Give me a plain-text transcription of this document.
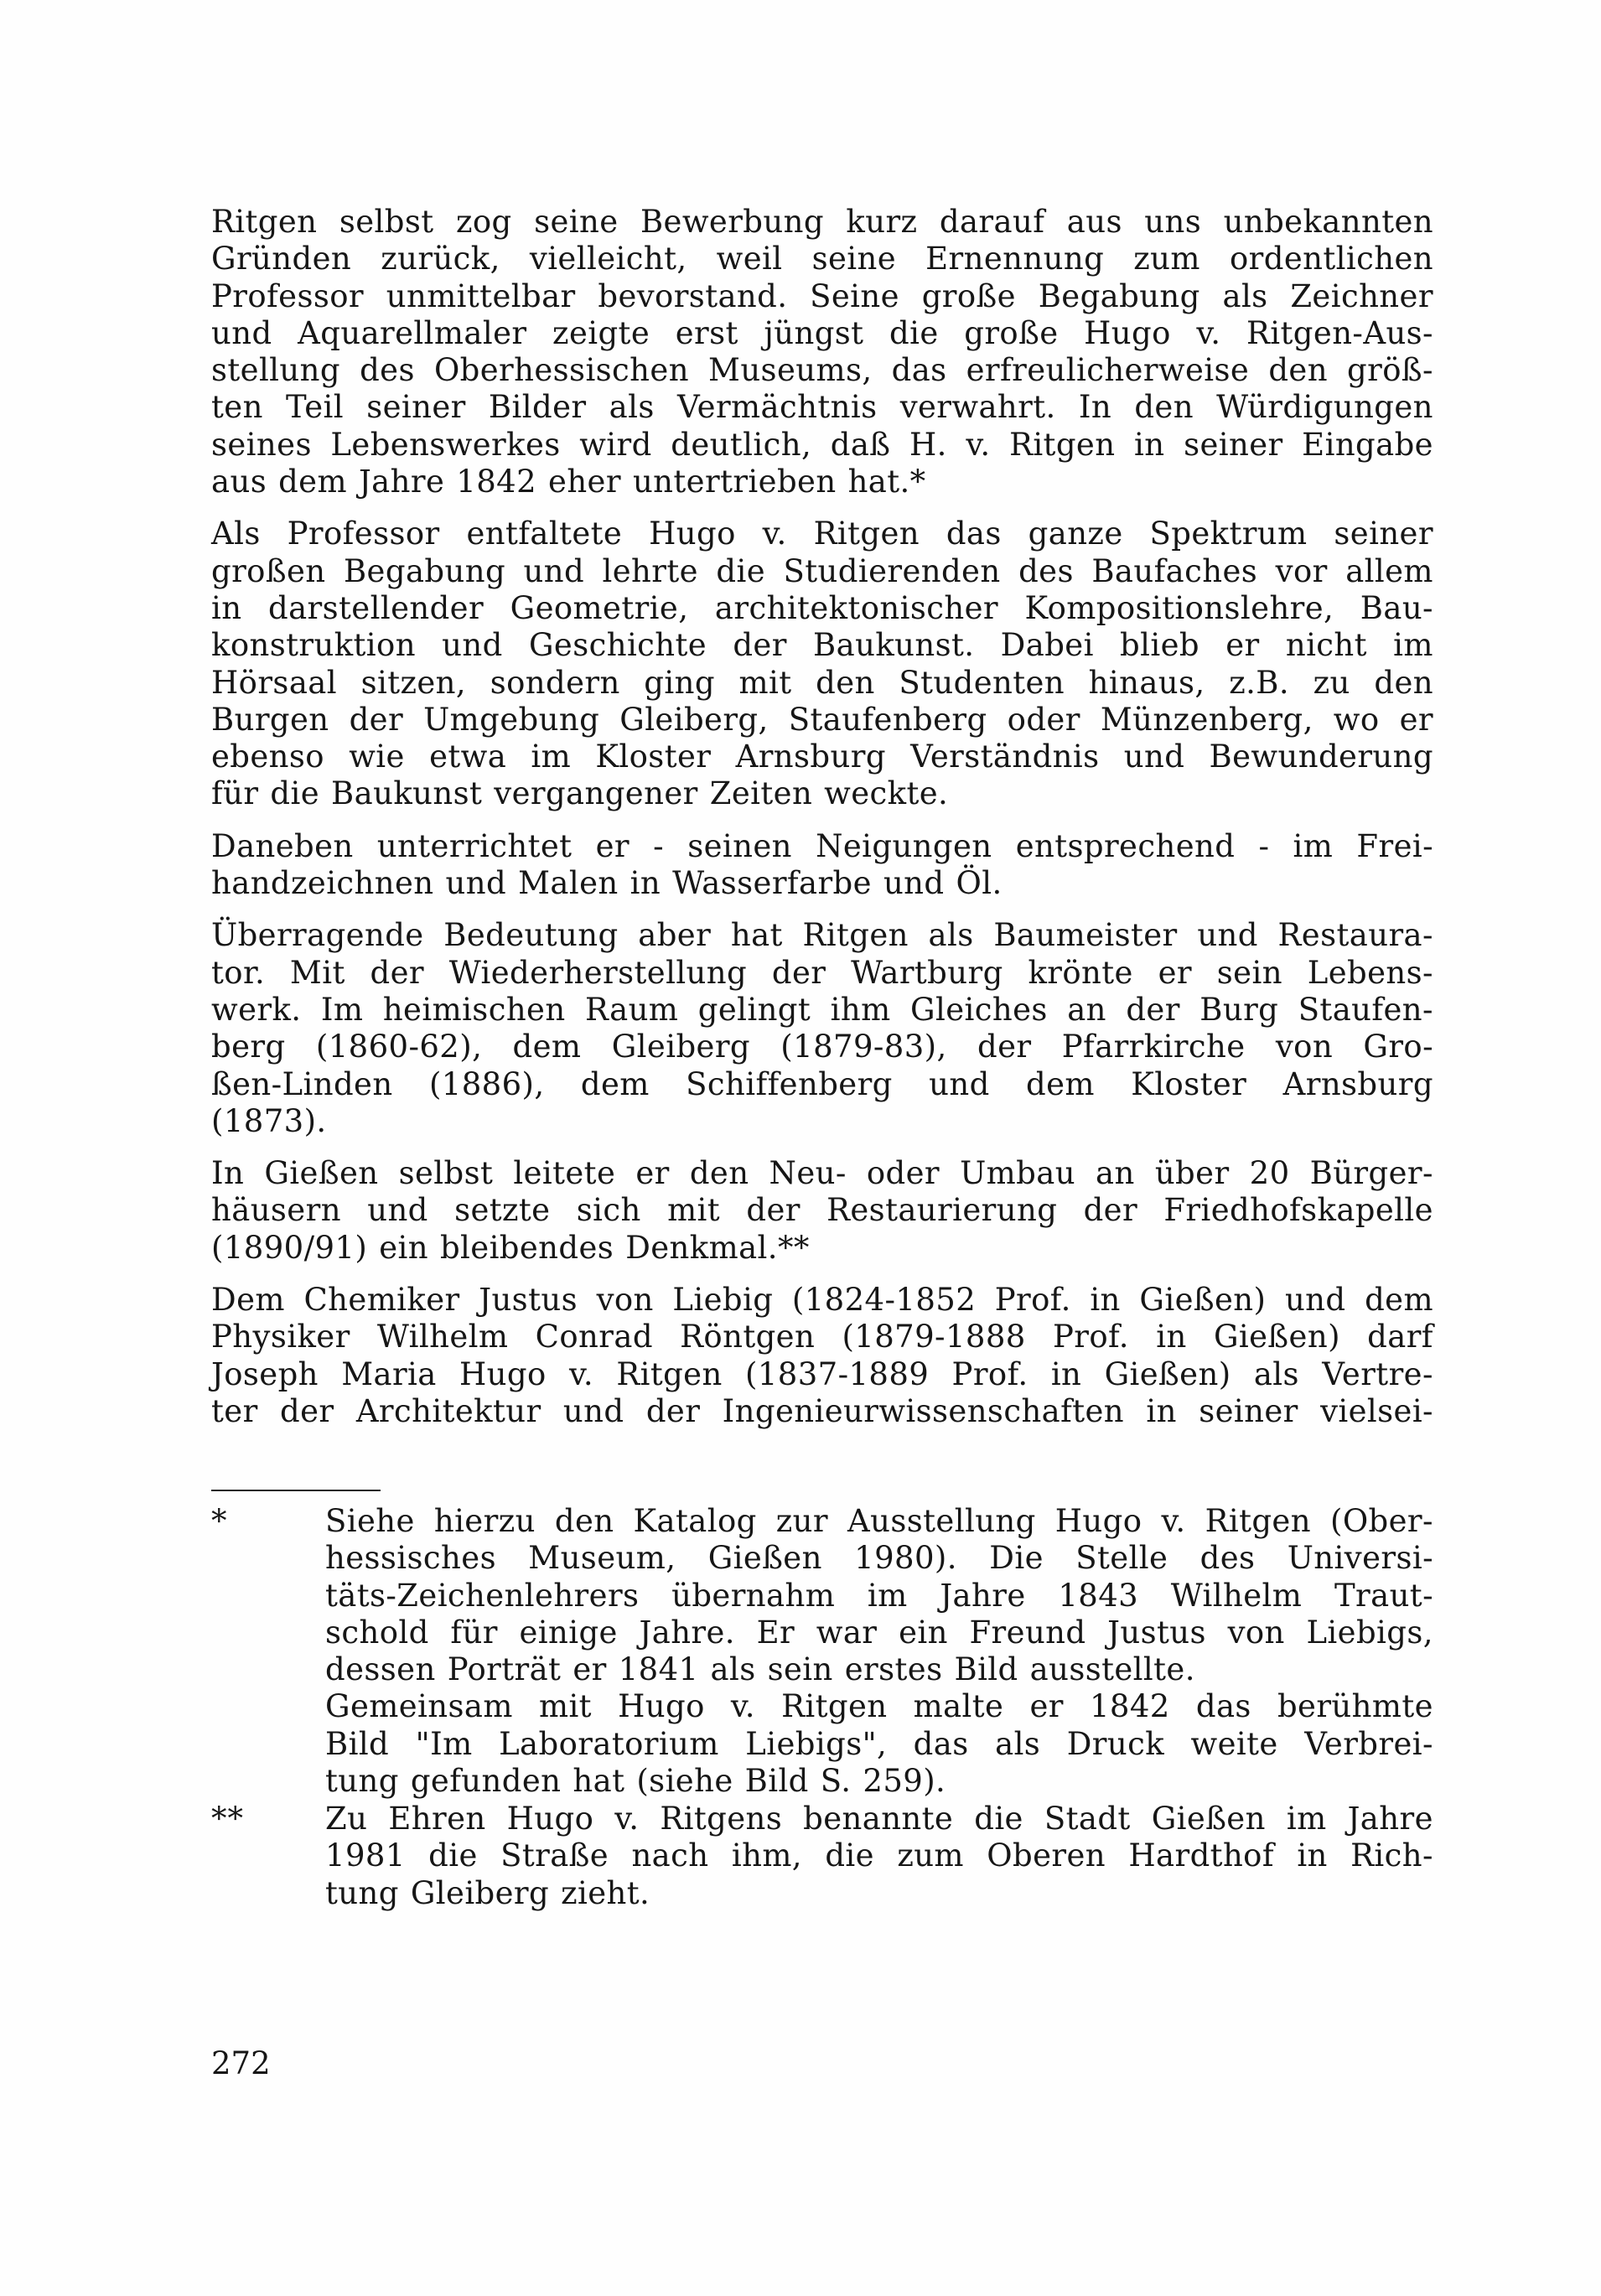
Ritgen selbst zog seine Bewerbung kurz darauf aus uns unbekannten
Gründen zurück, vielleicht, weil seine Ernennung zum ordentlichen
Professor unmittelbar bevorstand. Seine große Begabung als Zeichner
und Aquarellmaler zeigte erst jüngst die große Hugo v. Ritgen-Aus-
stellung des Oberhessischen Museums, das erfreulicherweise den größ-
ten Teil seiner Bilder als Vermächtnis verwahrt. In den Würdigungen
seines Lebenswerkes wird deutlich, daß H. v. Ritgen in seiner Eingabe
aus dem Jahre 1842 eher untertrieben hat.*
Als Professor entfaltete Hugo v. Ritgen das ganze Spektrum seiner
großen Begabung und lehrte die Studierenden des Baufaches vor allem
in darstellender Geometrie, architektonischer Kompositionslehre, Bau-
konstruktion und Geschichte der Baukunst. Dabei blieb er nicht im
Hörsaal sitzen, sondern ging mit den Studenten hinaus, z.B. zu den
Burgen der Umgebung Gleiberg, Staufenberg oder Münzenberg, wo er
ebenso wie etwa im Kloster Arnsburg Verständnis und Bewunderung
für die Baukunst vergangener Zeiten weckte.
Daneben unterrichtet er - seinen Neigungen entsprechend - im Frei-
handzeichnen und Malen in Wasserfarbe und Öl.
Überragende Bedeutung aber hat Ritgen als Baumeister und Restaura-
tor. Mit der Wiederherstellung der Wartburg krönte er sein Lebens-
werk. Im heimischen Raum gelingt ihm Gleiches an der Burg Staufen-
berg (1860-62), dem Gleiberg (1879-83), der Pfarrkirche von Gro-
ßen-Linden (1886), dem Schiffenberg und dem Kloster Arnsburg
(1873).
In Gießen selbst leitete er den Neu- oder Umbau an über 20 Bürger-
häusern und setzte sich mit der Restaurierung der Friedhofskapelle
(1890/91) ein bleibendes Denkmal.**
Dem Chemiker Justus von Liebig (1824-1852 Prof. in Gießen) und dem
Physiker Wilhelm Conrad Röntgen (1879-1888 Prof. in Gießen) darf
Joseph Maria Hugo v. Ritgen (1837-1889 Prof. in Gießen) als Vertre-
ter der Architektur und der Ingenieurwissenschaften in seiner vielsei-
*	Siehe hierzu den Katalog zur Ausstellung Hugo v. Ritgen (Ober-
hessisches Museum, Gießen 1980). Die Stelle des Universi-
täts-Zeichenlehrers übernahm im Jahre 1843 Wilhelm Traut-
schold für einige Jahre. Er war ein Freund Justus von Liebigs,
dessen Porträt er 1841 als sein erstes Bild ausstellte.
Gemeinsam mit Hugo v. Ritgen malte er 1842 das berühmte
Bild "Im Laboratorium Liebigs", das als Druck weite Verbrei-
tung gefunden hat (siehe Bild S. 259).
**	Zu Ehren Hugo v. Ritgens benannte die Stadt Gießen im Jahre
1981 die Straße nach ihm, die zum Oberen Hardthof in Rich-
tung Gleiberg zieht.
272
